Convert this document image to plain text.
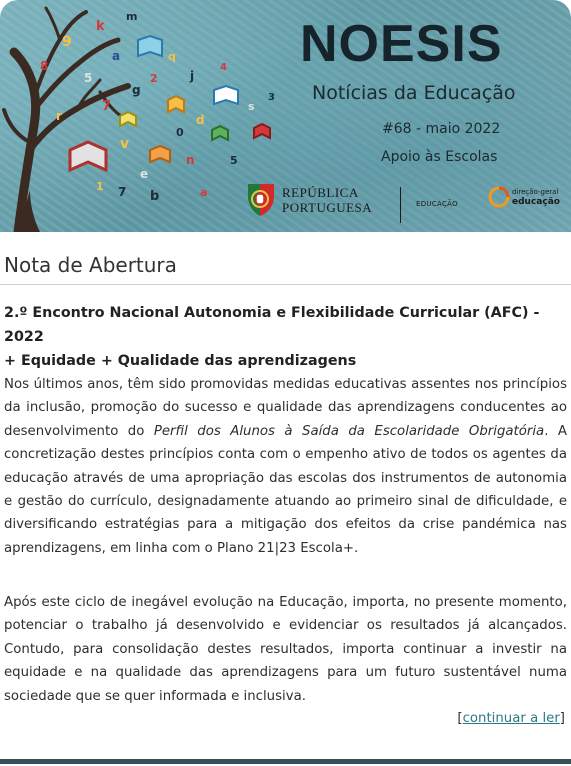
9
k
a
5
7
g
2	j
d
0
v
e
n	5
s
b	a
7
1
r
8
m
q
4
3
NOESIS
Notícias da Educação
#68 - maio 2022
Apoio às Escolas
REPÚBLICA
PORTUGUESA	EDUCAÇÃO
direção-geral
educação
Nota de Abertura
2.º Encontro Nacional Autonomia e Flexibilidade Curricular (AFC) - 2022
+ Equidade + Qualidade das aprendizagens

Nos últimos anos, têm sido promovidas medidas educativas assentes nos princípios da inclusão, promoção do sucesso e qualidade das aprendizagens conducentes ao desenvolvimento do Perfil dos Alunos à Saída da Escolaridade Obrigatória. A concretização destes princípios conta com o empenho ativo de todos os agentes da educação através de uma apropriação das escolas dos instrumentos de autonomia e gestão do currículo, designadamente atuando ao primeiro sinal de dificuldade, e diversificando estratégias para a mitigação dos efeitos da crise pandémica nas aprendizagens, em linha com o Plano 21|23 Escola+.

Após este ciclo de inegável evolução na Educação, importa, no presente momento, potenciar o trabalho já desenvolvido e evidenciar os resultados já alcançados. Contudo, para consolidação destes resultados, importa continuar a investir na equidade e na qualidade das aprendizagens para um futuro sustentável numa sociedade que se quer informada e inclusiva.

[continuar a ler]
